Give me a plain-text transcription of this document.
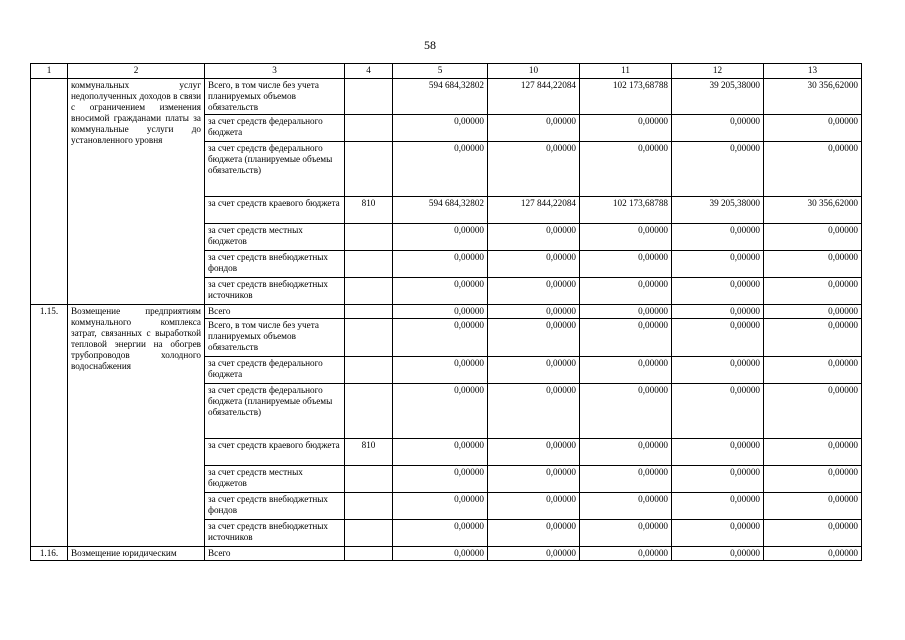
58
1	2	3	4	5	10	11	12	13
	коммунальных услуг недополученных доходов в связи с ограничением изменения вносимой гражданами платы за коммунальные услуги до установленного уровня	Всего, в том числе без учета планируемых объемов обязательств		594 684,32802	127 844,22084	102 173,68788	39 205,38000	30 356,62000
		за счет средств федерального бюджета		0,00000	0,00000	0,00000	0,00000	0,00000
		за счет средств федерального бюджета (планируемые объемы обязательств)		0,00000	0,00000	0,00000	0,00000	0,00000
		за счет средств краевого бюджета	810	594 684,32802	127 844,22084	102 173,68788	39 205,38000	30 356,62000
		за счет средств местных бюджетов		0,00000	0,00000	0,00000	0,00000	0,00000
		за счет средств внебюджетных фондов		0,00000	0,00000	0,00000	0,00000	0,00000
		за счет средств внебюджетных источников		0,00000	0,00000	0,00000	0,00000	0,00000
1.15.	Возмещение предприятиям коммунального комплекса затрат, связанных с выработкой тепловой энергии на обогрев трубопроводов холодного водоснабжения	Всего		0,00000	0,00000	0,00000	0,00000	0,00000
		Всего, в том числе без учета планируемых объемов обязательств		0,00000	0,00000	0,00000	0,00000	0,00000
		за счет средств федерального бюджета		0,00000	0,00000	0,00000	0,00000	0,00000
		за счет средств федерального бюджета (планируемые объемы обязательств)		0,00000	0,00000	0,00000	0,00000	0,00000
		за счет средств краевого бюджета	810	0,00000	0,00000	0,00000	0,00000	0,00000
		за счет средств местных бюджетов		0,00000	0,00000	0,00000	0,00000	0,00000
		за счет средств внебюджетных фондов		0,00000	0,00000	0,00000	0,00000	0,00000
		за счет средств внебюджетных источников		0,00000	0,00000	0,00000	0,00000	0,00000
1.16.	Возмещение юридическим	Всего		0,00000	0,00000	0,00000	0,00000	0,00000
